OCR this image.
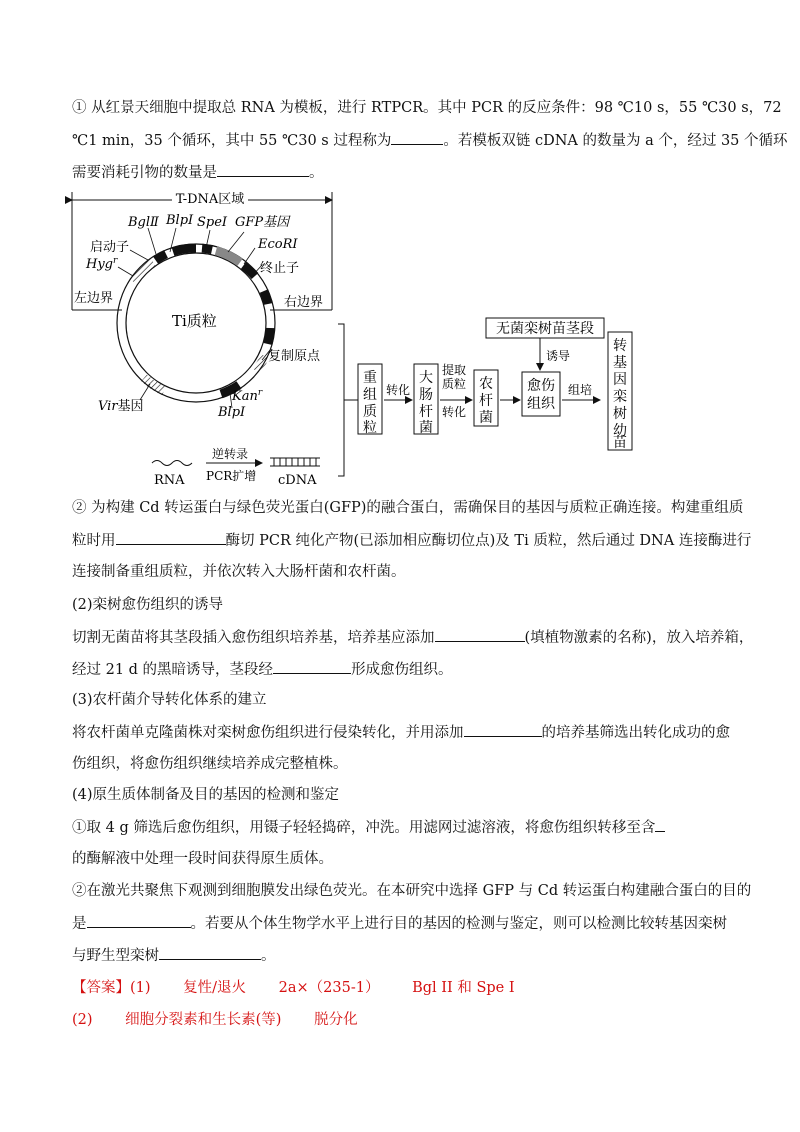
① 从红景天细胞中提取总 RNA 为模板，进行 RTPCR。其中 PCR 的反应条件：98 ℃10 s，55 ℃30 s，72
℃1 min，35 个循环，其中 55 ℃30 s 过程称为	。若模板双链 cDNA 的数量为 a 个，经过 35 个循环
需要消耗引物的数量是	。
T-DNA区域
左边界	右边界
BglⅡ BlpⅠ SpeⅠ GFP基因
EcoRⅠ
启动子
终止子
Hyg$^r$
Ti质粒
复制原点
Vir基因
Kan$^r$
BlpⅠ
RNA
逆转录
PCR扩增 cDNA
重
组
质
粒
转化
大
肠
杆
菌
提取
质粒
转化
农
杆
菌
无菌栾树苗茎段
诱导
愈伤
组织
组培
转
基
因
栾
树
幼
苗
② 为构建 Cd 转运蛋白与绿色荧光蛋白(GFP)的融合蛋白，需确保目的基因与质粒正确连接。构建重组质
粒时用	酶切 PCR 纯化产物(已添加相应酶切位点)及 Ti 质粒，然后通过 DNA 连接酶进行
连接制备重组质粒，并依次转入大肠杆菌和农杆菌。
(2)栾树愈伤组织的诱导
切割无菌苗将其茎段插入愈伤组织培养基，培养基应添加	(填植物激素的名称)，放入培养箱，
经过 21 d 的黑暗诱导，茎段经	形成愈伤组织。
(3)农杆菌介导转化体系的建立
将农杆菌单克隆菌株对栾树愈伤组织进行侵染转化，并用添加	的培养基筛选出转化成功的愈
伤组织，将愈伤组织继续培养成完整植株。
(4)原生质体制备及目的基因的检测和鉴定
①取 4 g 筛选后愈伤组织，用镊子轻轻捣碎，冲洗。用滤网过滤溶液，将愈伤组织转移至含
的酶解液中处理一段时间获得原生质体。
②在激光共聚焦下观测到细胞膜发出绿色荧光。在本研究中选择 GFP 与 Cd 转运蛋白构建融合蛋白的目的
是	。若要从个体生物学水平上进行目的基因的检测与鉴定，则可以检测比较转基因栾树
与野生型栾树	。
【答案】(1) 复性/退火 2a×（235-1） Bgl II 和 Spe I
(2) 细胞分裂素和生长素(等) 脱分化
